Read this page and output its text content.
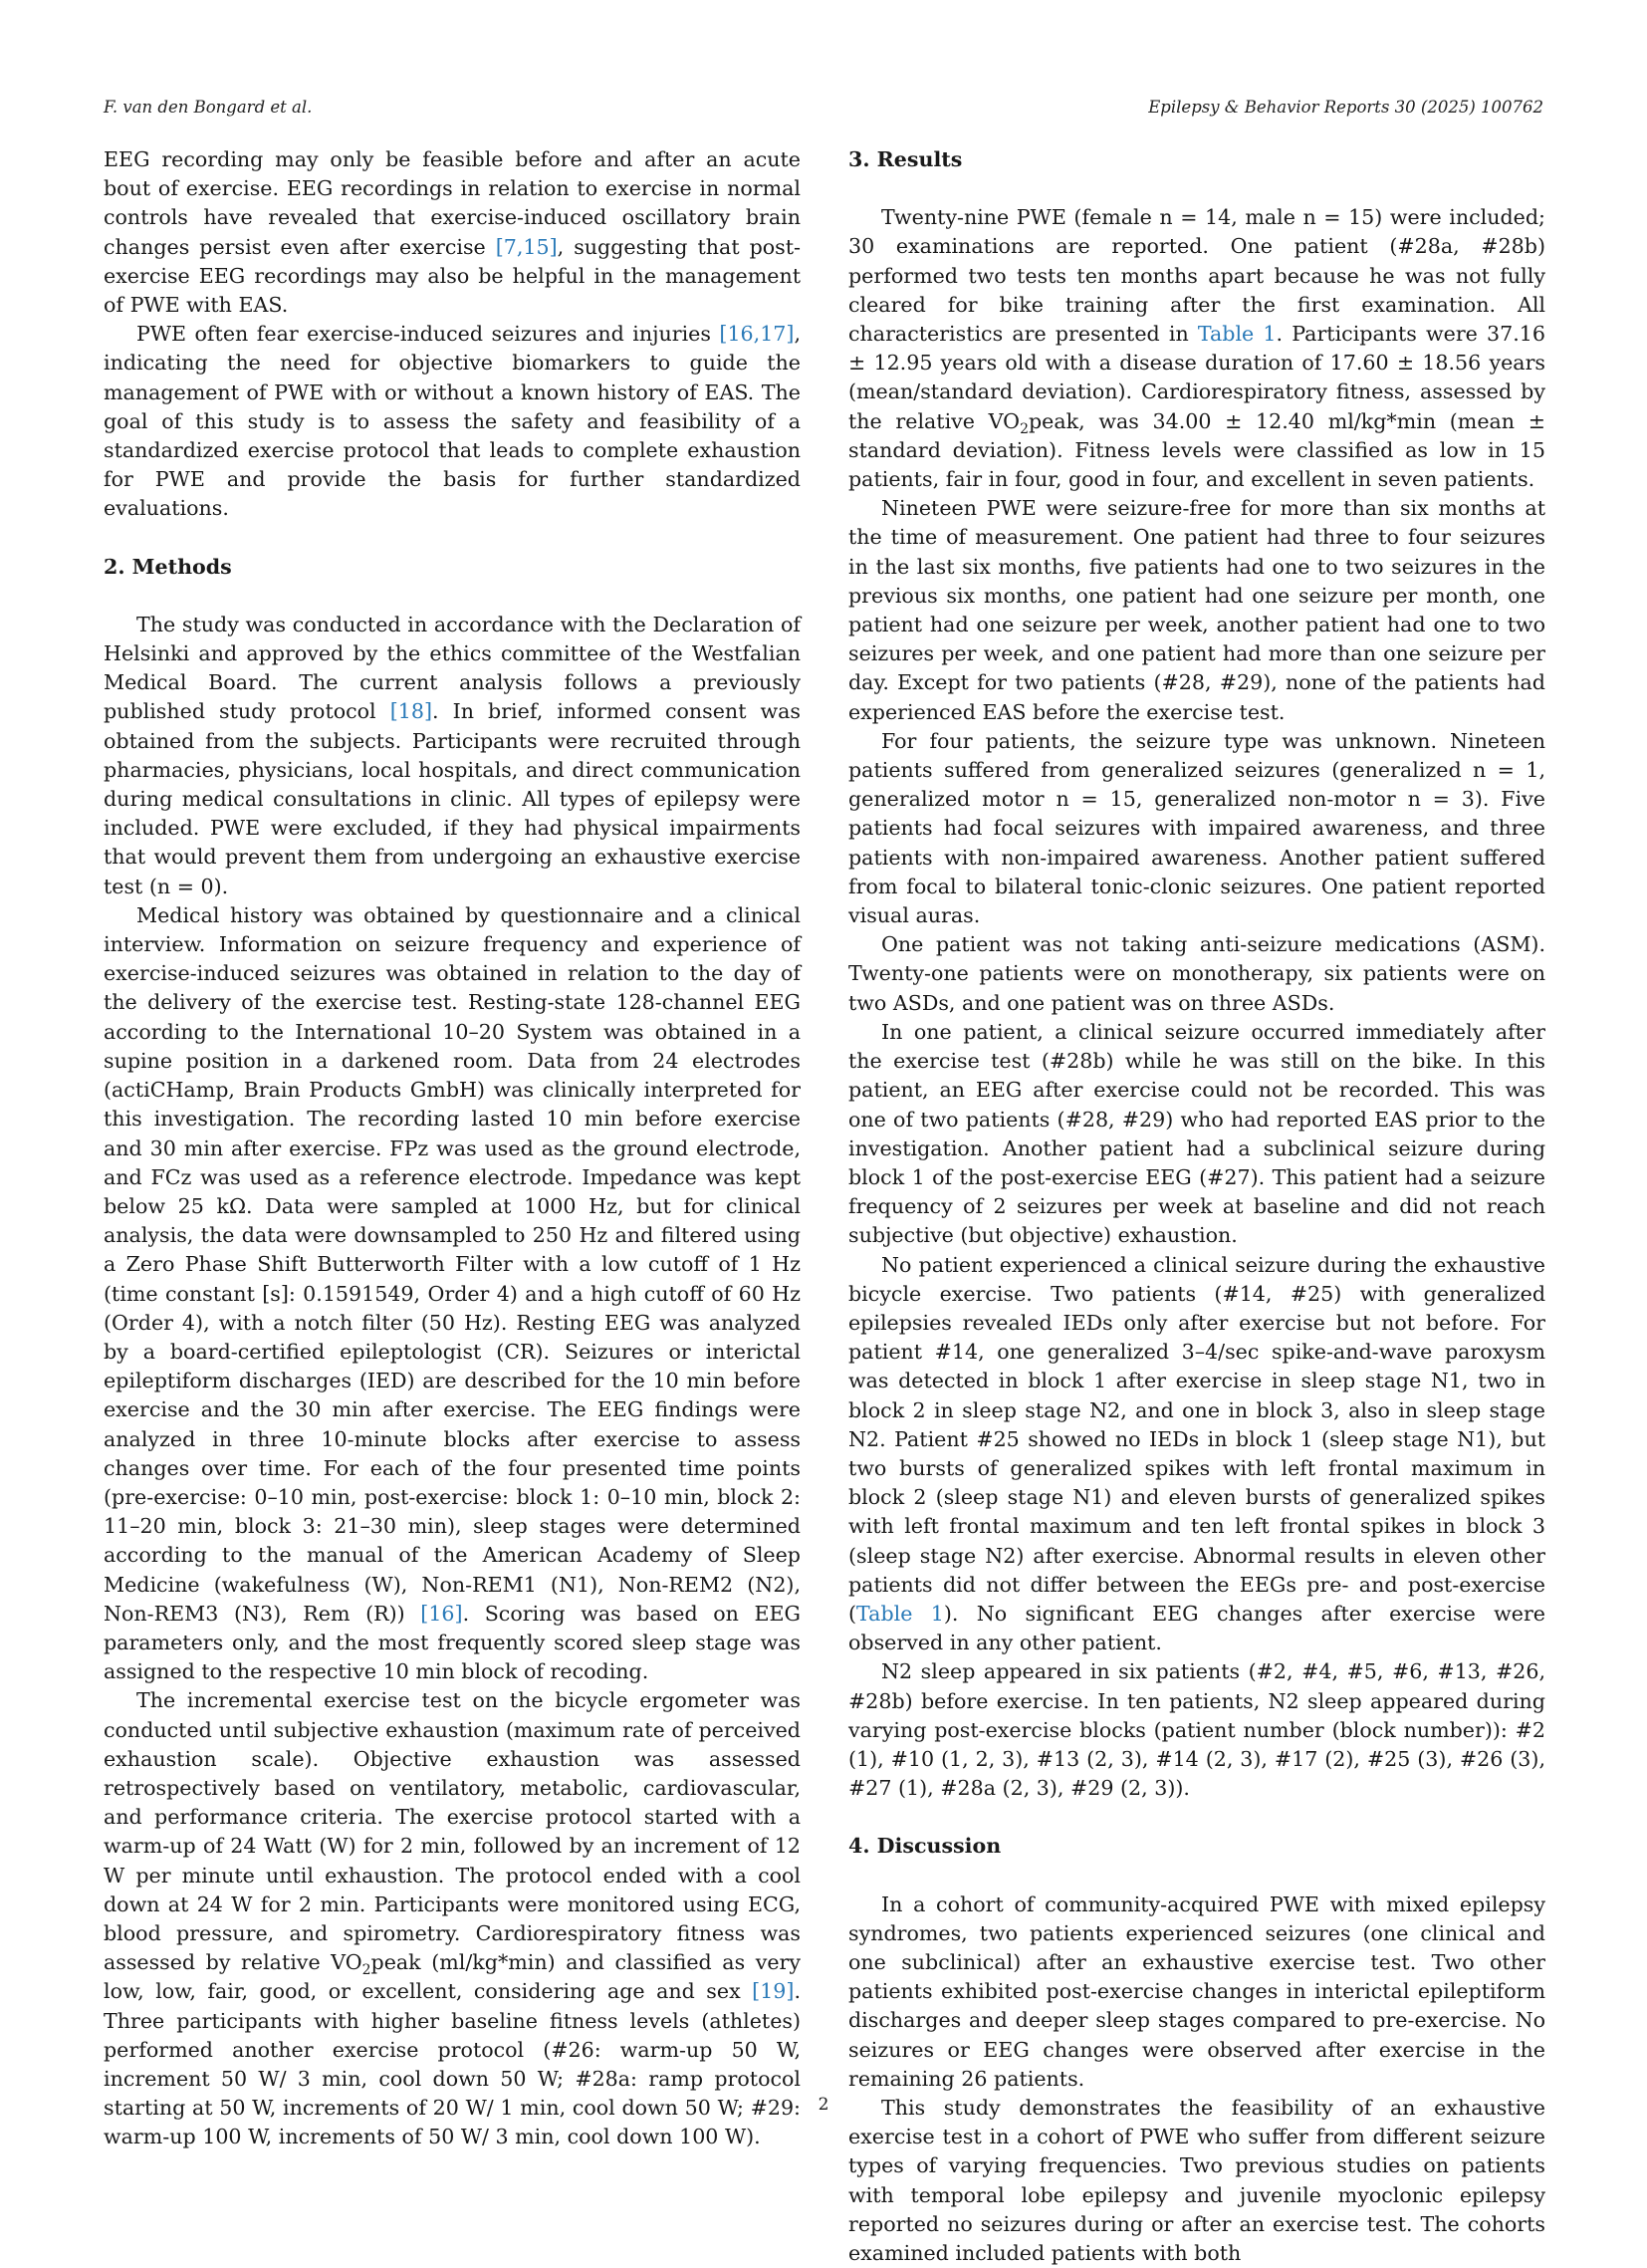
F. van den Bongard et al.	Epilepsy & Behavior Reports 30 (2025) 100762

EEG recording may only be feasible before and after an acute bout of exercise. EEG recordings in relation to exercise in normal controls have revealed that exercise-induced oscillatory brain changes persist even after exercise [7,15], suggesting that post-exercise EEG recordings may also be helpful in the management of PWE with EAS.

PWE often fear exercise-induced seizures and injuries [16,17], indicating the need for objective biomarkers to guide the management of PWE with or without a known history of EAS. The goal of this study is to assess the safety and feasibility of a standardized exercise protocol that leads to complete exhaustion for PWE and provide the basis for further standardized evaluations.

2. Methods

The study was conducted in accordance with the Declaration of Helsinki and approved by the ethics committee of the Westfalian Medical Board. The current analysis follows a previously published study protocol [18]. In brief, informed consent was obtained from the subjects. Participants were recruited through pharmacies, physicians, local hospitals, and direct communication during medical consultations in clinic. All types of epilepsy were included. PWE were excluded, if they had physical impairments that would prevent them from undergoing an exhaustive exercise test (n = 0).

Medical history was obtained by questionnaire and a clinical interview. Information on seizure frequency and experience of exercise-induced seizures was obtained in relation to the day of the delivery of the exercise test. Resting-state 128-channel EEG according to the International 10–20 System was obtained in a supine position in a darkened room. Data from 24 electrodes (actiCHamp, Brain Products GmbH) was clinically interpreted for this investigation. The recording lasted 10 min before exercise and 30 min after exercise. FPz was used as the ground electrode, and FCz was used as a reference electrode. Impedance was kept below 25 kΩ. Data were sampled at 1000 Hz, but for clinical analysis, the data were downsampled to 250 Hz and filtered using a Zero Phase Shift Butterworth Filter with a low cutoff of 1 Hz (time constant [s]: 0.1591549, Order 4) and a high cutoff of 60 Hz (Order 4), with a notch filter (50 Hz). Resting EEG was analyzed by a board-certified epileptologist (CR). Seizures or interictal epileptiform discharges (IED) are described for the 10 min before exercise and the 30 min after exercise. The EEG findings were analyzed in three 10-minute blocks after exercise to assess changes over time. For each of the four presented time points (pre-exercise: 0–10 min, post-exercise: block 1: 0–10 min, block 2: 11–20 min, block 3: 21–30 min), sleep stages were determined according to the manual of the American Academy of Sleep Medicine (wakefulness (W), Non-REM1 (N1), Non-REM2 (N2), Non-REM3 (N3), Rem (R)) [16]. Scoring was based on EEG parameters only, and the most frequently scored sleep stage was assigned to the respective 10 min block of recoding.

The incremental exercise test on the bicycle ergometer was conducted until subjective exhaustion (maximum rate of perceived exhaustion scale). Objective exhaustion was assessed retrospectively based on ventilatory, metabolic, cardiovascular, and performance criteria. The exercise protocol started with a warm-up of 24 Watt (W) for 2 min, followed by an increment of 12 W per minute until exhaustion. The protocol ended with a cool down at 24 W for 2 min. Participants were monitored using ECG, blood pressure, and spirometry. Cardiorespiratory fitness was assessed by relative $VO_2peak$ (ml/kg*min) and classified as very low, low, fair, good, or excellent, considering age and sex [19]. Three participants with higher baseline fitness levels (athletes) performed another exercise protocol (#26: warm-up 50 W, increment 50 W/ 3 min, cool down 50 W; #28a: ramp protocol starting at 50 W, increments of 20 W/ 1 min, cool down 50 W; #29: warm-up 100 W, increments of 50 W/ 3 min, cool down 100 W).

3. Results

Twenty-nine PWE (female n = 14, male n = 15) were included; 30 examinations are reported. One patient (#28a, #28b) performed two tests ten months apart because he was not fully cleared for bike training after the first examination. All characteristics are presented in Table 1. Participants were 37.16 ± 12.95 years old with a disease duration of 17.60 ± 18.56 years (mean/standard deviation). Cardiorespiratory fitness, assessed by the relative $VO_2peak$, was 34.00 ± 12.40 ml/kg*min (mean ± standard deviation). Fitness levels were classified as low in 15 patients, fair in four, good in four, and excellent in seven patients.

Nineteen PWE were seizure-free for more than six months at the time of measurement. One patient had three to four seizures in the last six months, five patients had one to two seizures in the previous six months, one patient had one seizure per month, one patient had one seizure per week, another patient had one to two seizures per week, and one patient had more than one seizure per day. Except for two patients (#28, #29), none of the patients had experienced EAS before the exercise test.

For four patients, the seizure type was unknown. Nineteen patients suffered from generalized seizures (generalized n = 1, generalized motor n = 15, generalized non-motor n = 3). Five patients had focal seizures with impaired awareness, and three patients with non-impaired awareness. Another patient suffered from focal to bilateral tonic-clonic seizures. One patient reported visual auras.

One patient was not taking anti-seizure medications (ASM). Twenty-one patients were on monotherapy, six patients were on two ASDs, and one patient was on three ASDs.

In one patient, a clinical seizure occurred immediately after the exercise test (#28b) while he was still on the bike. In this patient, an EEG after exercise could not be recorded. This was one of two patients (#28, #29) who had reported EAS prior to the investigation. Another patient had a subclinical seizure during block 1 of the post-exercise EEG (#27). This patient had a seizure frequency of 2 seizures per week at baseline and did not reach subjective (but objective) exhaustion.

No patient experienced a clinical seizure during the exhaustive bicycle exercise. Two patients (#14, #25) with generalized epilepsies revealed IEDs only after exercise but not before. For patient #14, one generalized 3–4/sec spike-and-wave paroxysm was detected in block 1 after exercise in sleep stage N1, two in block 2 in sleep stage N2, and one in block 3, also in sleep stage N2. Patient #25 showed no IEDs in block 1 (sleep stage N1), but two bursts of generalized spikes with left frontal maximum in block 2 (sleep stage N1) and eleven bursts of generalized spikes with left frontal maximum and ten left frontal spikes in block 3 (sleep stage N2) after exercise. Abnormal results in eleven other patients did not differ between the EEGs pre- and post-exercise (Table 1). No significant EEG changes after exercise were observed in any other patient.

N2 sleep appeared in six patients (#2, #4, #5, #6, #13, #26, #28b) before exercise. In ten patients, N2 sleep appeared during varying post-exercise blocks (patient number (block number)): #2 (1), #10 (1, 2, 3), #13 (2, 3), #14 (2, 3), #17 (2), #25 (3), #26 (3), #27 (1), #28a (2, 3), #29 (2, 3)).

4. Discussion

In a cohort of community-acquired PWE with mixed epilepsy syndromes, two patients experienced seizures (one clinical and one subclinical) after an exhaustive exercise test. Two other patients exhibited post-exercise changes in interictal epileptiform discharges and deeper sleep stages compared to pre-exercise. No seizures or EEG changes were observed after exercise in the remaining 26 patients.

This study demonstrates the feasibility of an exhaustive exercise test in a cohort of PWE who suffer from different seizure types of varying frequencies. Two previous studies on patients with temporal lobe epilepsy and juvenile myoclonic epilepsy reported no seizures during or after an exercise test. The cohorts examined included patients with both

2
